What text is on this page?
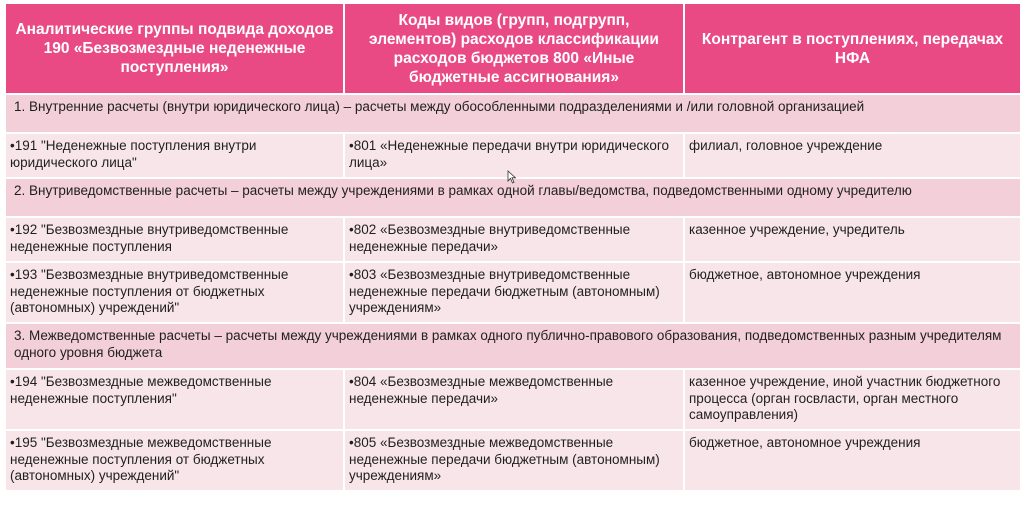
Аналитические группы подвида доходов 190 «Безвозмездные неденежные поступления»	Коды видов (групп, подгрупп, элементов) расходов классификации расходов бюджетов 800 «Иные бюджетные ассигнования»	Контрагент в поступлениях, передачах НФА
1. Внутренние расчеты (внутри юридического лица) – расчеты между обособленными подразделениями и /или головной организацией		
•191 "Неденежные поступления внутри юридического лица"	•801 «Неденежные передачи внутри юридического лица»	филиал, головное учреждение
2. Внутриведомственные расчеты – расчеты между учреждениями в рамках одной главы/ведомства, подведомственными одному учредителю		
•192 "Безвозмездные внутриведомственные неденежные поступления	•802 «Безвозмездные внутриведомственные неденежные передачи»	казенное учреждение, учредитель
•193 "Безвозмездные внутриведомственные неденежные поступления от бюджетных (автономных) учреждений"	•803 «Безвозмездные внутриведомственные неденежные передачи бюджетным (автономным) учреждениям»	бюджетное, автономное учреждения
3. Межведомственные расчеты – расчеты между учреждениями в рамках одного публично-правового образования, подведомственных разным учредителям одного уровня бюджета		
•194 "Безвозмездные межведомственные неденежные поступления"	•804 «Безвозмездные межведомственные неденежные передачи»	казенное учреждение, иной участник бюджетного процесса (орган госвласти, орган местного самоуправления)
•195 "Безвозмездные межведомственные неденежные поступления от бюджетных (автономных) учреждений"	•805 «Безвозмездные межведомственные неденежные передачи бюджетным (автономным) учреждениям»	бюджетное, автономное учреждения
